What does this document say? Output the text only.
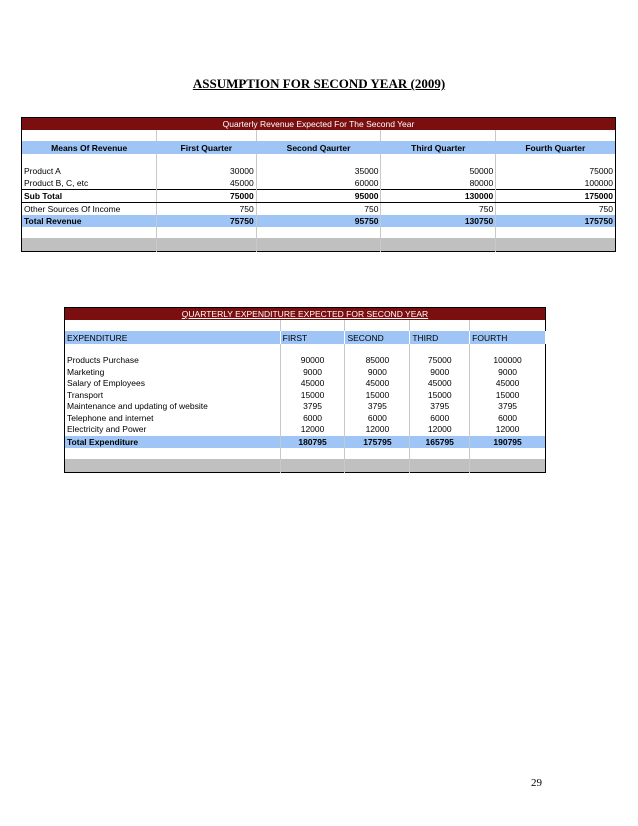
ASSUMPTION FOR SECOND YEAR (2009)
Quarterly Revenue Expected For The Second Year				

Means Of Revenue	First Quarter	Second Qaurter	Third Quarter	Fourth Quarter

Product A	30000	35000	50000	75000
Product B, C, etc	45000	60000	80000	100000
Sub Total	75000	95000	130000	175000
Other Sources Of Income	750	750	750	750
Total Revenue	75750	95750	130750	175750

QUARTERLY EXPENDITURE EXPECTED FOR SECOND YEAR				

EXPENDITURE	FIRST	SECOND	THIRD	FOURTH

Products Purchase	90000	85000	75000	100000
Marketing	9000	9000	9000	9000
Salary of Employees	45000	45000	45000	45000
Transport	15000	15000	15000	15000
Maintenance and updating of website	3795	3795	3795	3795
Telephone and internet	6000	6000	6000	6000
Electricity and Power	12000	12000	12000	12000
Total Expenditure	180795	175795	165795	190795

29
